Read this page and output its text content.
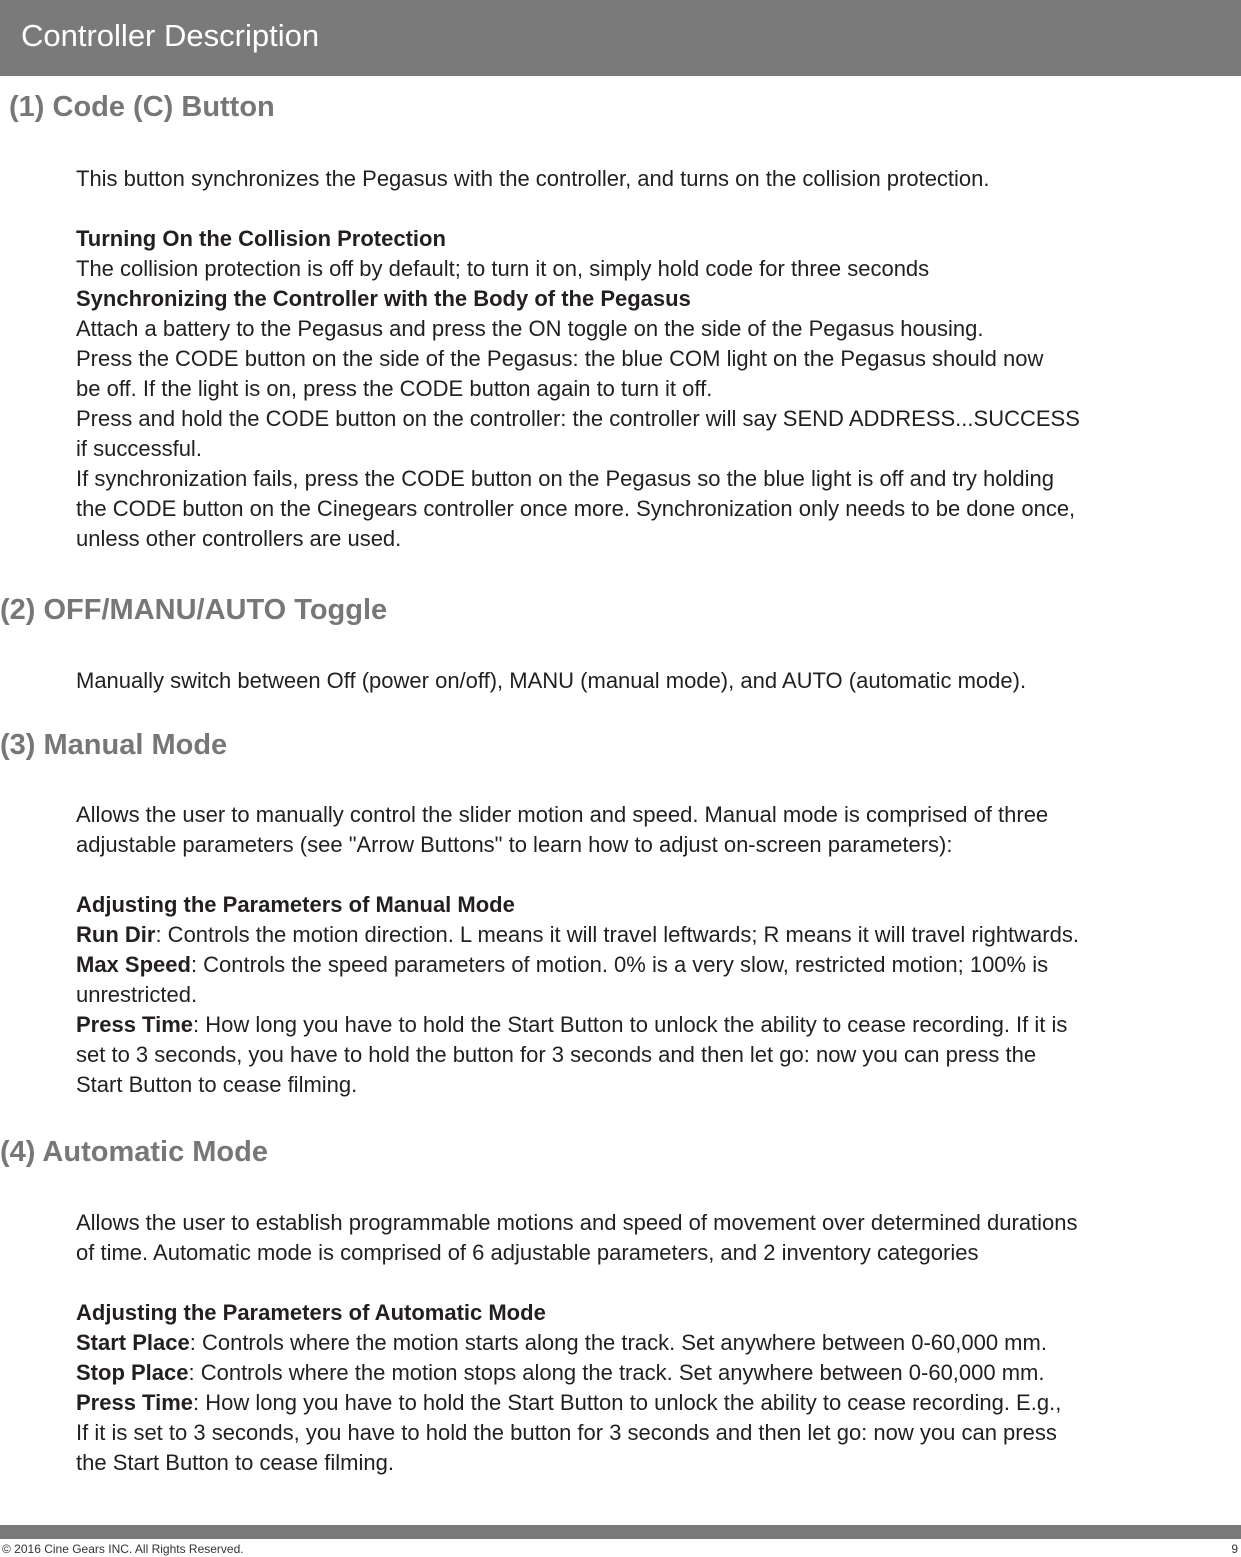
Controller Description
(1) Code (C) Button

This button synchronizes the Pegasus with the controller, and turns on the collision protection.

Turning On the Collision Protection

The collision protection is off by default; to turn it on, simply hold code for three seconds

Synchronizing the Controller with the Body of the Pegasus

Attach a battery to the Pegasus and press the ON toggle on the side of the Pegasus housing.

Press the CODE button on the side of the Pegasus: the blue COM light on the Pegasus should now

be off. If the light is on, press the CODE button again to turn it off.

Press and hold the CODE button on the controller: the controller will say SEND ADDRESS...SUCCESS

if successful.

If synchronization fails, press the CODE button on the Pegasus so the blue light is off and try holding

the CODE button on the Cinegears controller once more. Synchronization only needs to be done once,

unless other controllers are used.

(2) OFF/MANU/AUTO Toggle

Manually switch between Off (power on/off), MANU (manual mode), and AUTO (automatic mode).

(3) Manual Mode

Allows the user to manually control the slider motion and speed. Manual mode is comprised of three

adjustable parameters (see "Arrow Buttons" to learn how to adjust on-screen parameters):

Adjusting the Parameters of Manual Mode

Run Dir: Controls the motion direction. L means it will travel leftwards; R means it will travel rightwards.

Max Speed: Controls the speed parameters of motion. 0% is a very slow, restricted motion; 100% is

unrestricted.

Press Time: How long you have to hold the Start Button to unlock the ability to cease recording. If it is

set to 3 seconds, you have to hold the button for 3 seconds and then let go: now you can press the

Start Button to cease filming.

(4) Automatic Mode

Allows the user to establish programmable motions and speed of movement over determined durations

of time. Automatic mode is comprised of 6 adjustable parameters, and 2 inventory categories

Adjusting the Parameters of Automatic Mode

Start Place: Controls where the motion starts along the track. Set anywhere between 0-60,000 mm.

Stop Place: Controls where the motion stops along the track. Set anywhere between 0-60,000 mm.

Press Time: How long you have to hold the Start Button to unlock the ability to cease recording. E.g.,

If it is set to 3 seconds, you have to hold the button for 3 seconds and then let go: now you can press

the Start Button to cease filming.

© 2016 Cine Gears INC. All Rights Reserved.	9
